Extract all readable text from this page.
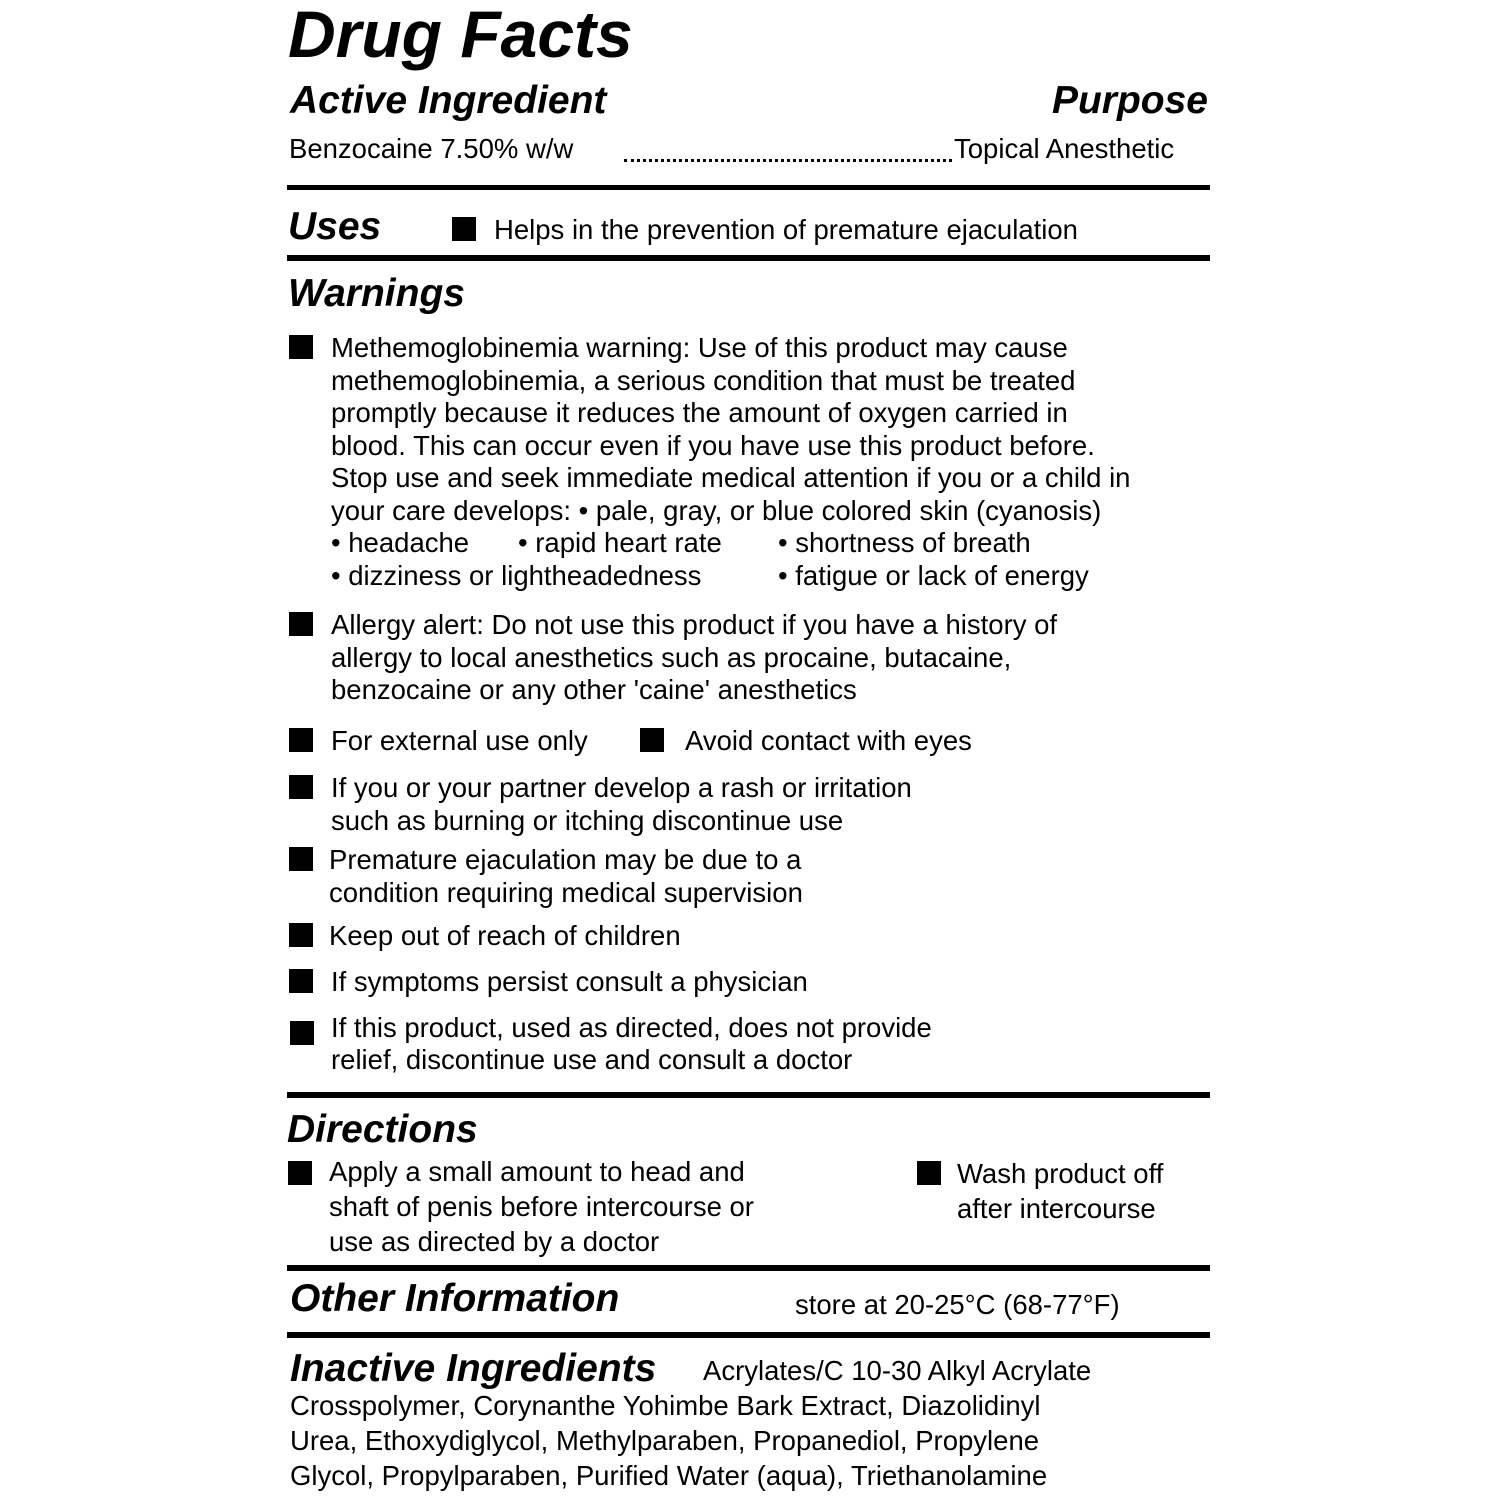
Drug Facts
Active Ingredient	Purpose
Benzocaine 7.50% w/w	Topical Anesthetic
Uses	Helps in the prevention of premature ejaculation
Warnings
Methemoglobinemia warning: Use of this product may cause
methemoglobinemia, a serious condition that must be treated
promptly because it reduces the amount of oxygen carried in
blood. This can occur even if you have use this product before.
Stop use and seek immediate medical attention if you or a child in
your care develops: • pale, gray, or blue colored skin (cyanosis)
• headache • rapid heart rate • shortness of breath
• dizziness or lightheadedness	• fatigue or lack of energy
Allergy alert: Do not use this product if you have a history of
allergy to local anesthetics such as procaine, butacaine,
benzocaine or any other 'caine' anesthetics
For external use only	Avoid contact with eyes
If you or your partner develop a rash or irritation
such as burning or itching discontinue use
Premature ejaculation may be due to a
condition requiring medical supervision
Keep out of reach of children
If symptoms persist consult a physician
If this product, used as directed, does not provide
relief, discontinue use and consult a doctor
Directions
Apply a small amount to head and
shaft of penis before intercourse or
use as directed by a doctor
Wash product off
after intercourse
Other Information	store at 20-25°C (68-77°F)
Inactive Ingredients Acrylates/C 10-30 Alkyl Acrylate
Crosspolymer, Corynanthe Yohimbe Bark Extract, Diazolidinyl
Urea, Ethoxydiglycol, Methylparaben, Propanediol, Propylene
Glycol, Propylparaben, Purified Water (aqua), Triethanolamine
